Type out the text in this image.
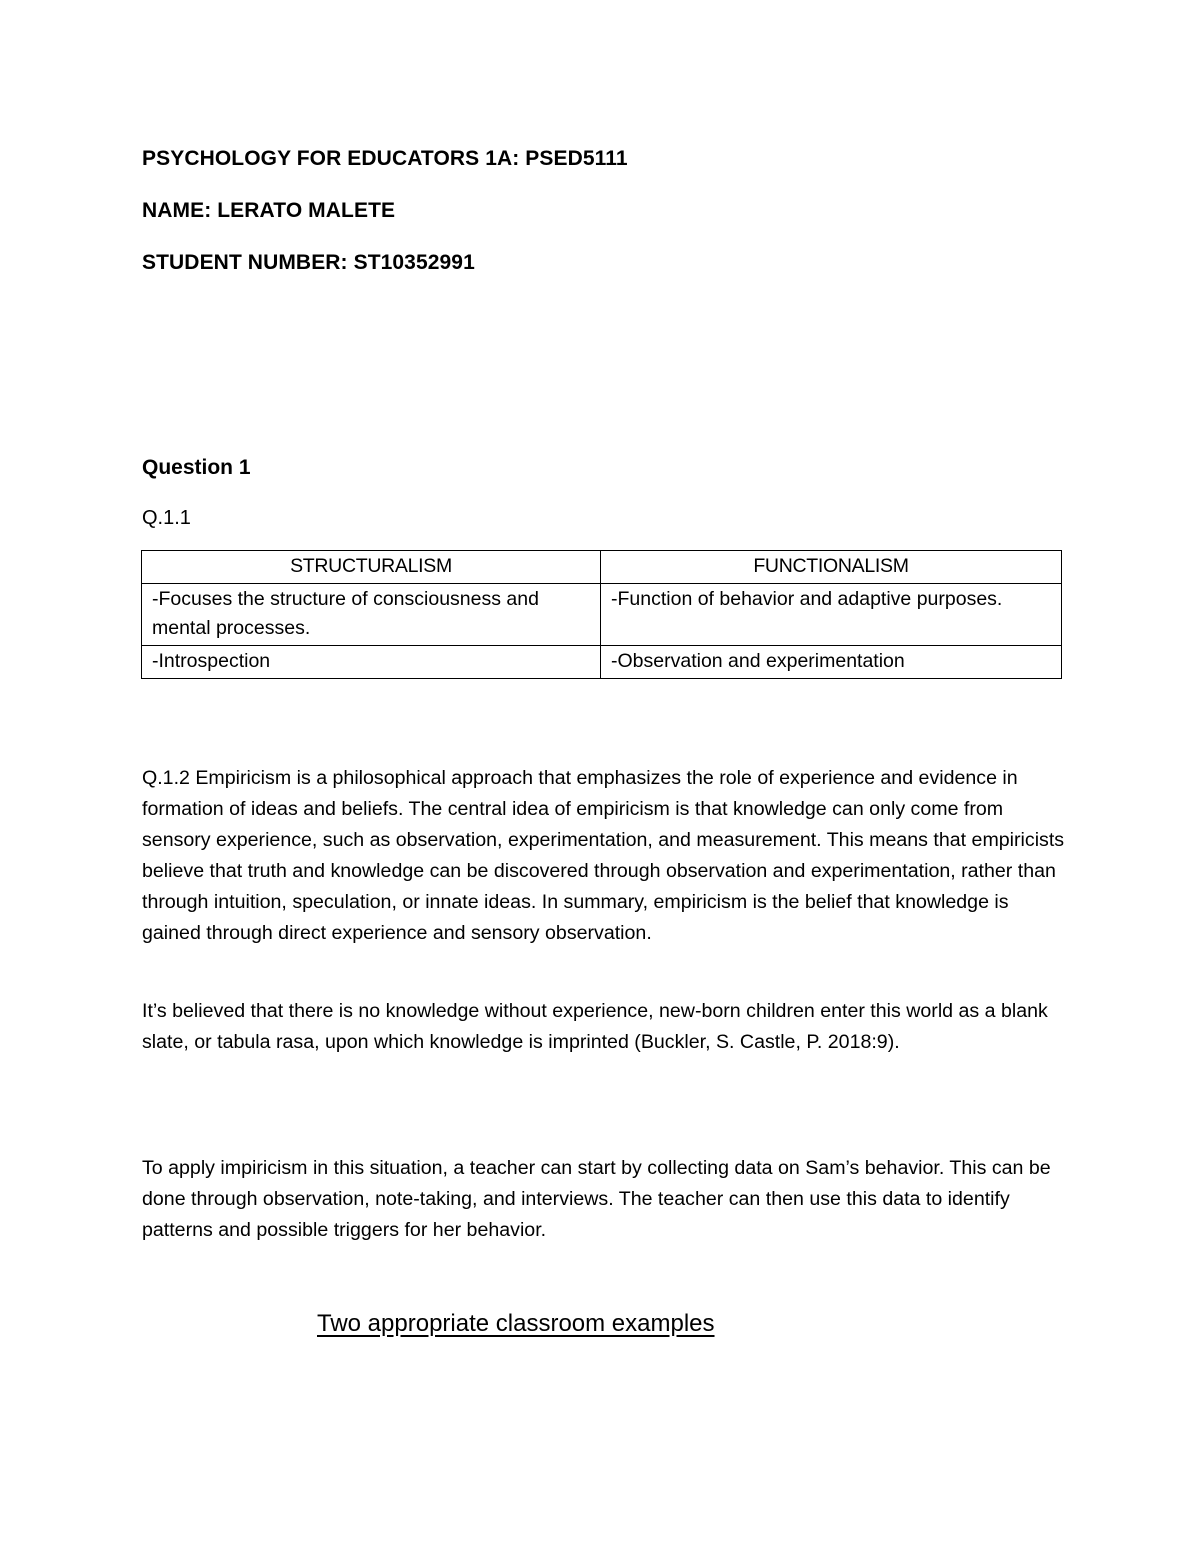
PSYCHOLOGY FOR EDUCATORS 1A: PSED5111
NAME: LERATO MALETE
STUDENT NUMBER: ST10352991
Question 1
Q.1.1
STRUCTURALISM	FUNCTIONALISM
-Focuses the structure of consciousness and mental processes.	-Function of behavior and adaptive purposes.
-Introspection	-Observation and experimentation

Q.1.2 Empiricism is a philosophical approach that emphasizes the role of experience and evidence in formation of ideas and beliefs. The central idea of empiricism is that knowledge can only come from sensory experience, such as observation, experimentation, and measurement. This means that empiricists believe that truth and knowledge can be discovered through observation and experimentation, rather than through intuition, speculation, or innate ideas. In summary, empiricism is the belief that knowledge is gained through direct experience and sensory observation.

It’s believed that there is no knowledge without experience, new-born children enter this world as a blank slate, or tabula rasa, upon which knowledge is imprinted (Buckler, S. Castle, P. 2018:9).

To apply impiricism in this situation, a teacher can start by collecting data on Sam’s behavior. This can be done through observation, note-taking, and interviews. The teacher can then use this data to identify patterns and possible triggers for her behavior.

Two appropriate classroom examples
